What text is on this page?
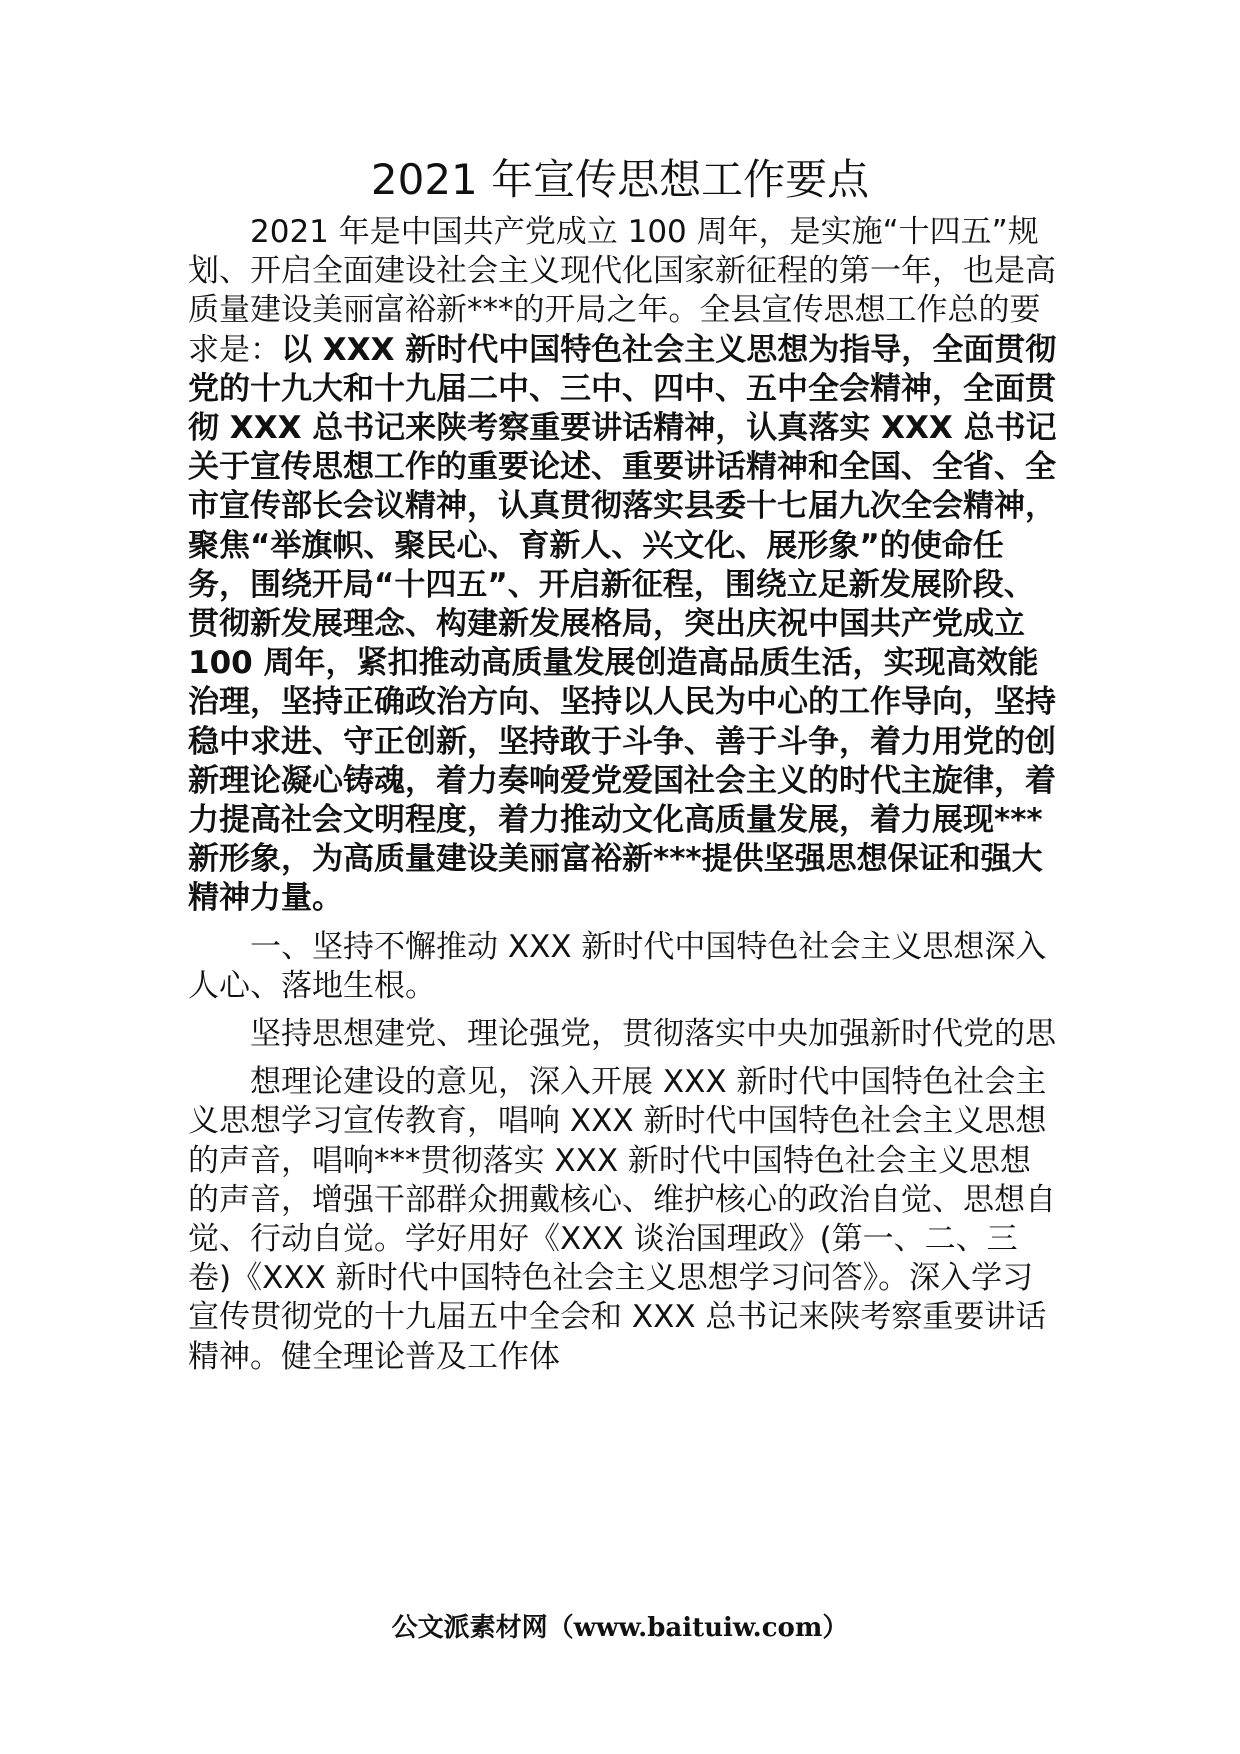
2021 年宣传思想工作要点

2021 年是中国共产党成立 100 周年，是实施“十四五”规划、开启全面建设社会主义现代化国家新征程的第一年，也是高质量建设美丽富裕新***的开局之年。全县宣传思想工作总的要求是：以 XXX 新时代中国特色社会主义思想为指导，全面贯彻党的十九大和十九届二中、三中、四中、五中全会精神，全面贯彻 XXX 总书记来陕考察重要讲话精神，认真落实 XXX 总书记关于宣传思想工作的重要论述、重要讲话精神和全国、全省、全市宣传部长会议精神，认真贯彻落实县委十七届九次全会精神，聚焦“举旗帜、聚民心、育新人、兴文化、展形象”的使命任务，围绕开局“十四五”、开启新征程，围绕立足新发展阶段、贯彻新发展理念、构建新发展格局，突出庆祝中国共产党成立 100 周年，紧扣推动高质量发展创造高品质生活，实现高效能治理，坚持正确政治方向、坚持以人民为中心的工作导向，坚持稳中求进、守正创新，坚持敢于斗争、善于斗争，着力用党的创新理论凝心铸魂，着力奏响爱党爱国社会主义的时代主旋律，着力提高社会文明程度，着力推动文化高质量发展，着力展现***新形象，为高质量建设美丽富裕新***提供坚强思想保证和强大精神力量。

一、坚持不懈推动 XXX 新时代中国特色社会主义思想深入人心、落地生根。

坚持思想建党、理论强党，贯彻落实中央加强新时代党的思

想理论建设的意见，深入开展 XXX 新时代中国特色社会主义思想学习宣传教育，唱响 XXX 新时代中国特色社会主义思想的声音，唱响***贯彻落实 XXX 新时代中国特色社会主义思想的声音，增强干部群众拥戴核心、维护核心的政治自觉、思想自觉、行动自觉。学好用好《XXX 谈治国理政》(第一、二、三卷)《XXX 新时代中国特色社会主义思想学习问答》。深入学习宣传贯彻党的十九届五中全会和 XXX 总书记来陕考察重要讲话精神。健全理论普及工作体

公文派素材网（www.baituiw.com）
